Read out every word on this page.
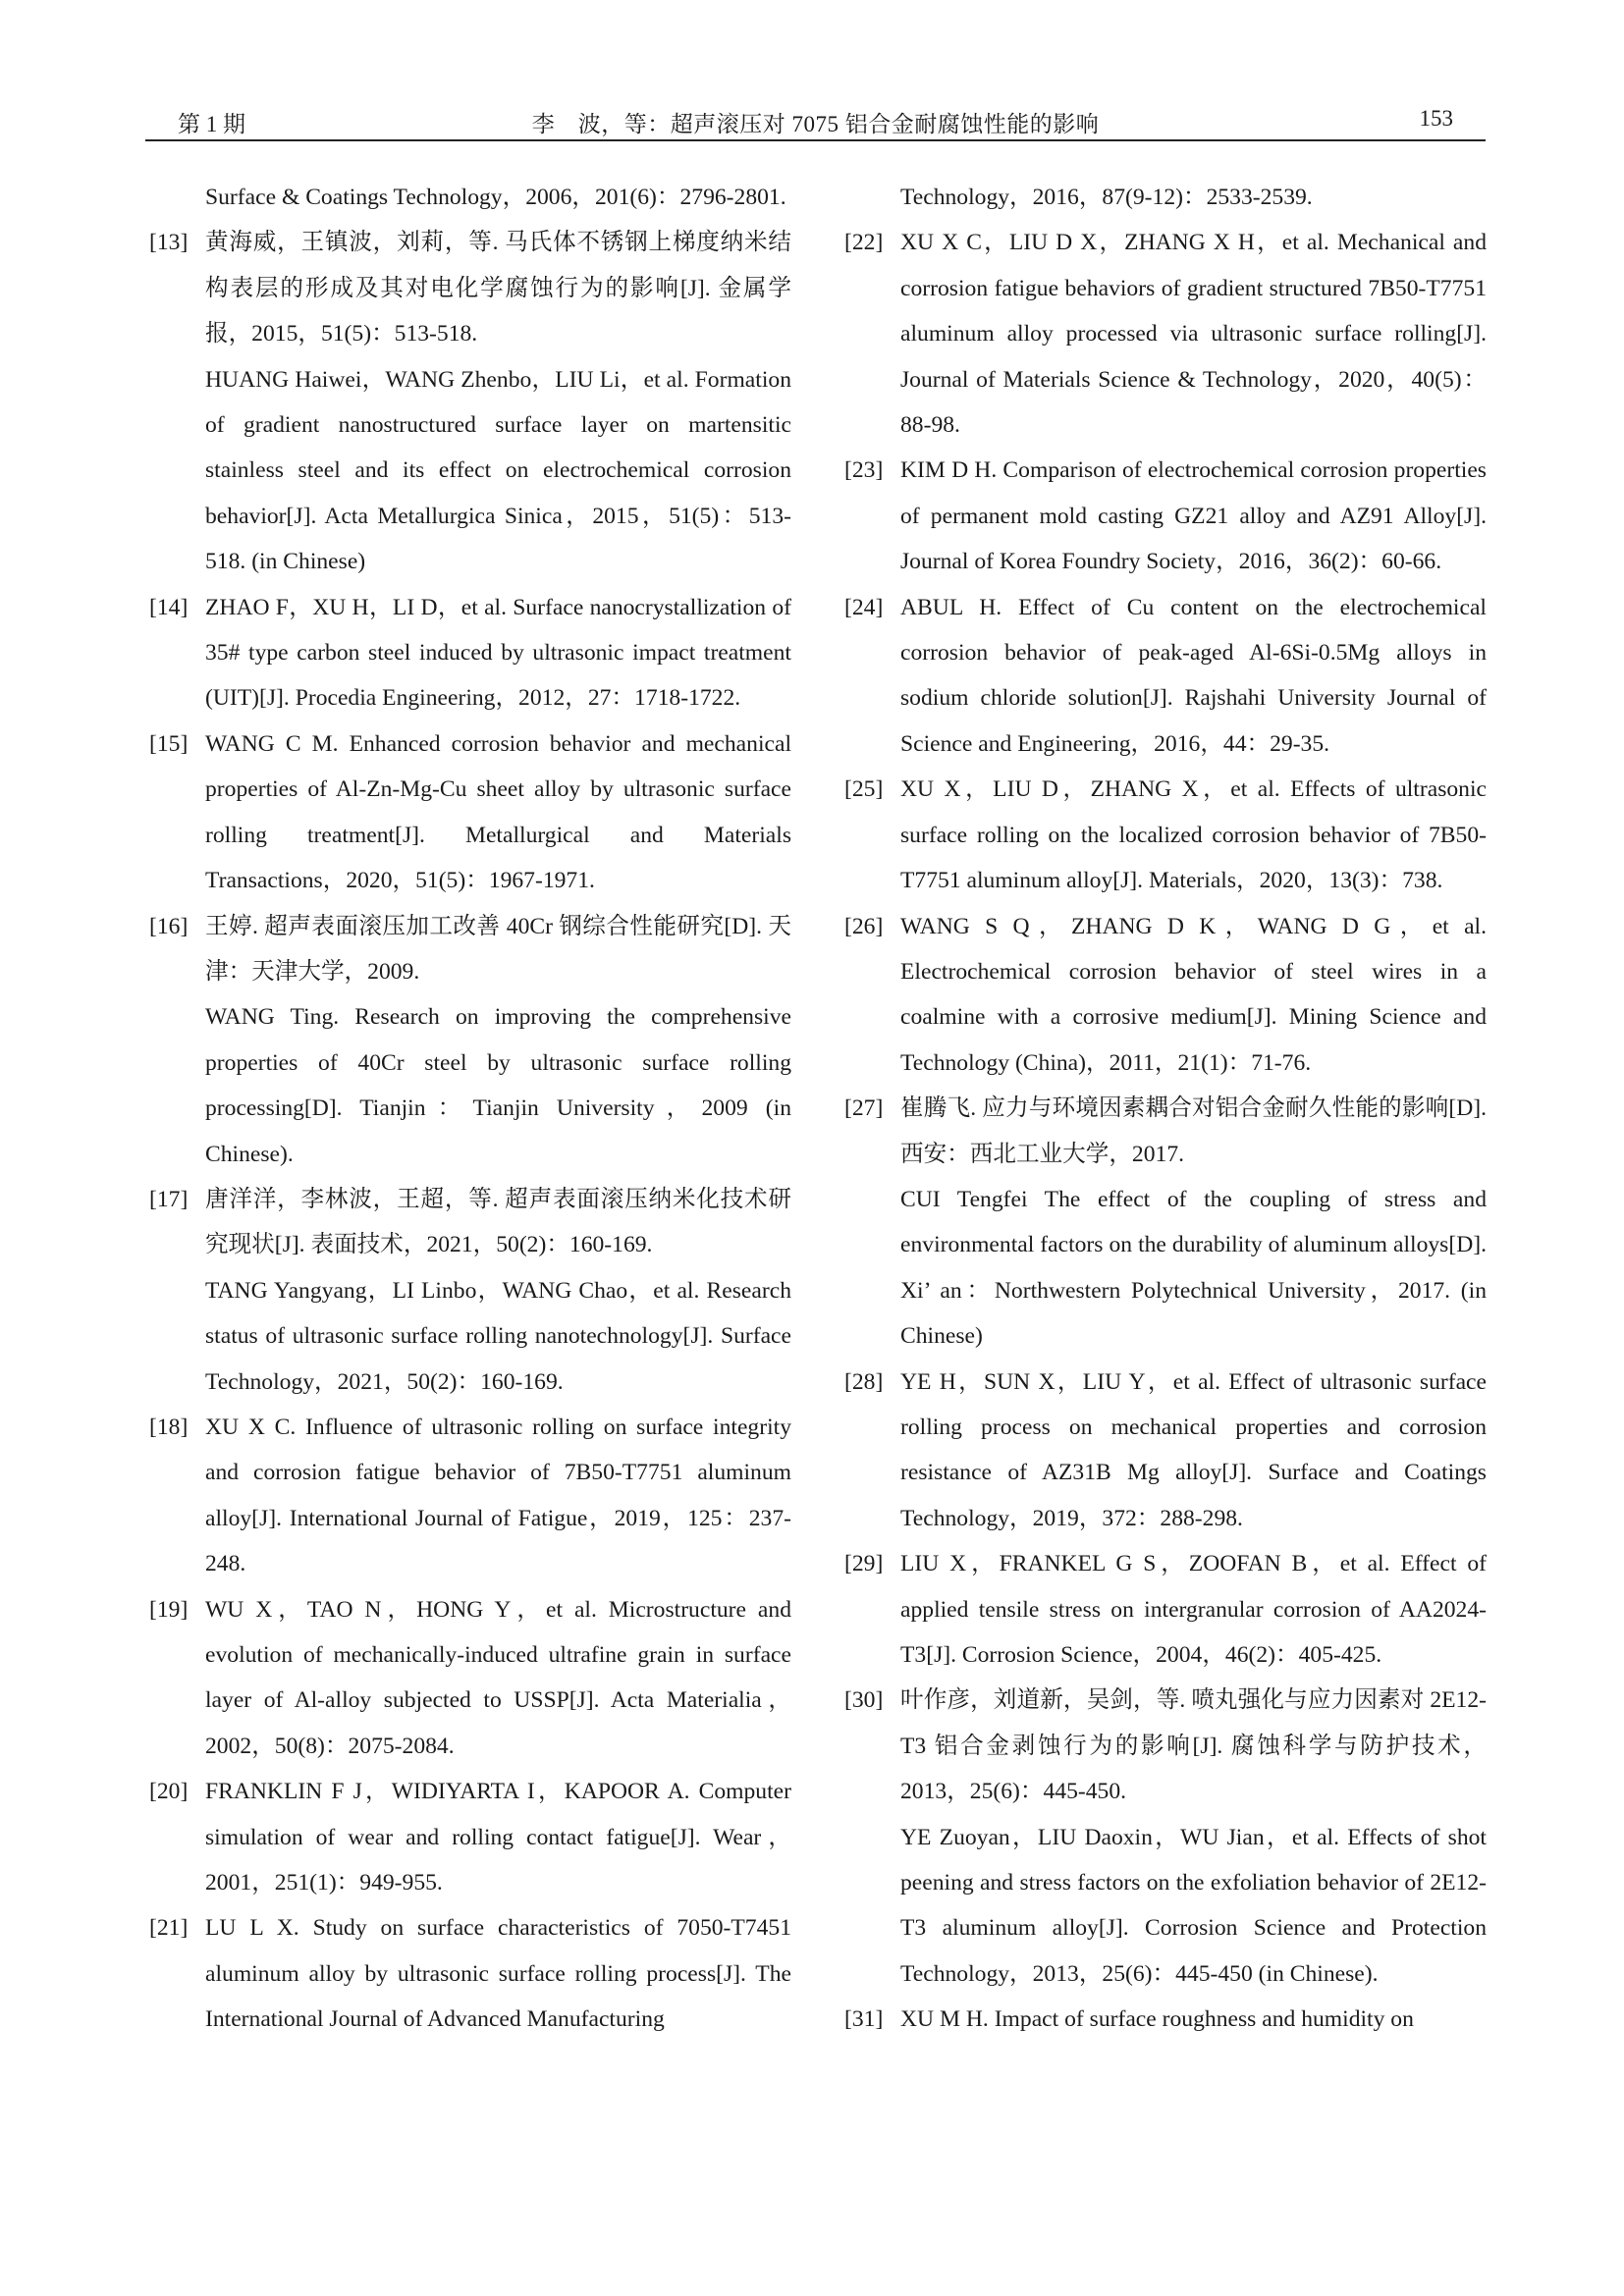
第 1 期	李　波，等：超声滚压对 7075 铝合金耐腐蚀性能的影响	153

Surface & Coatings Technology，2006，201(6)：2796-2801.

[13] 黄海威，王镇波，刘莉，等. 马氏体不锈钢上梯度纳米结构表层的形成及其对电化学腐蚀行为的影响[J]. 金属学报，2015，51(5)：513-518.

HUANG Haiwei，WANG Zhenbo，LIU Li，et al. Formation of gradient nanostructured surface layer on martensitic stainless steel and its effect on electrochemical corrosion behavior[J]. Acta Metallurgica Sinica，2015，51(5)：513-518. (in Chinese)

[14] ZHAO F，XU H，LI D，et al. Surface nanocrystallization of 35# type carbon steel induced by ultrasonic impact treatment (UIT)[J]. Procedia Engineering，2012，27：1718-1722.

[15] WANG C M. Enhanced corrosion behavior and mechanical properties of Al-Zn-Mg-Cu sheet alloy by ultrasonic surface rolling treatment[J]. Metallurgical and Materials Transactions，2020，51(5)：1967-1971.

[16] 王婷. 超声表面滚压加工改善 40Cr 钢综合性能研究[D]. 天津：天津大学，2009.

WANG Ting. Research on improving the comprehensive properties of 40Cr steel by ultrasonic surface rolling processing[D]. Tianjin：Tianjin University，2009 (in Chinese).

[17] 唐洋洋，李林波，王超，等. 超声表面滚压纳米化技术研究现状[J]. 表面技术，2021，50(2)：160-169.

TANG Yangyang，LI Linbo，WANG Chao，et al. Research status of ultrasonic surface rolling nanotechnology[J]. Surface Technology，2021，50(2)：160-169.

[18] XU X C. Influence of ultrasonic rolling on surface integrity and corrosion fatigue behavior of 7B50-T7751 aluminum alloy[J]. International Journal of Fatigue，2019，125：237-248.

[19] WU X，TAO N，HONG Y，et al. Microstructure and evolution of mechanically-induced ultrafine grain in surface layer of Al-alloy subjected to USSP[J]. Acta Materialia，2002，50(8)：2075-2084.

[20] FRANKLIN F J，WIDIYARTA I，KAPOOR A. Computer simulation of wear and rolling contact fatigue[J]. Wear，2001，251(1)：949-955.

[21] LU L X. Study on surface characteristics of 7050-T7451 aluminum alloy by ultrasonic surface rolling process[J]. The International Journal of Advanced Manufacturing

Technology，2016，87(9-12)：2533-2539.

[22] XU X C，LIU D X，ZHANG X H，et al. Mechanical and corrosion fatigue behaviors of gradient structured 7B50-T7751 aluminum alloy processed via ultrasonic surface rolling[J]. Journal of Materials Science & Technology，2020，40(5)：88-98.

[23] KIM D H. Comparison of electrochemical corrosion properties of permanent mold casting GZ21 alloy and AZ91 Alloy[J]. Journal of Korea Foundry Society，2016，36(2)：60-66.

[24] ABUL H. Effect of Cu content on the electrochemical corrosion behavior of peak-aged Al-6Si-0.5Mg alloys in sodium chloride solution[J]. Rajshahi University Journal of Science and Engineering，2016，44：29-35.

[25] XU X，LIU D，ZHANG X，et al. Effects of ultrasonic surface rolling on the localized corrosion behavior of 7B50-T7751 aluminum alloy[J]. Materials，2020，13(3)：738.

[26] WANG S Q，ZHANG D K，WANG D G，et al. Electrochemical corrosion behavior of steel wires in a coalmine with a corrosive medium[J]. Mining Science and Technology (China)，2011，21(1)：71-76.

[27] 崔腾飞. 应力与环境因素耦合对铝合金耐久性能的影响[D]. 西安：西北工业大学，2017.

CUI Tengfei The effect of the coupling of stress and environmental factors on the durability of aluminum alloys[D]. Xi’ an：Northwestern Polytechnical University，2017. (in Chinese)

[28] YE H，SUN X，LIU Y，et al. Effect of ultrasonic surface rolling process on mechanical properties and corrosion resistance of AZ31B Mg alloy[J]. Surface and Coatings Technology，2019，372：288-298.

[29] LIU X，FRANKEL G S，ZOOFAN B，et al. Effect of applied tensile stress on intergranular corrosion of AA2024-T3[J]. Corrosion Science，2004，46(2)：405-425.

[30] 叶作彦，刘道新，吴剑，等. 喷丸强化与应力因素对 2E12-T3 铝合金剥蚀行为的影响[J]. 腐蚀科学与防护技术，2013，25(6)：445-450.

YE Zuoyan，LIU Daoxin，WU Jian，et al. Effects of shot peening and stress factors on the exfoliation behavior of 2E12-T3 aluminum alloy[J]. Corrosion Science and Protection Technology，2013，25(6)：445-450 (in Chinese).

[31] XU M H. Impact of surface roughness and humidity on
